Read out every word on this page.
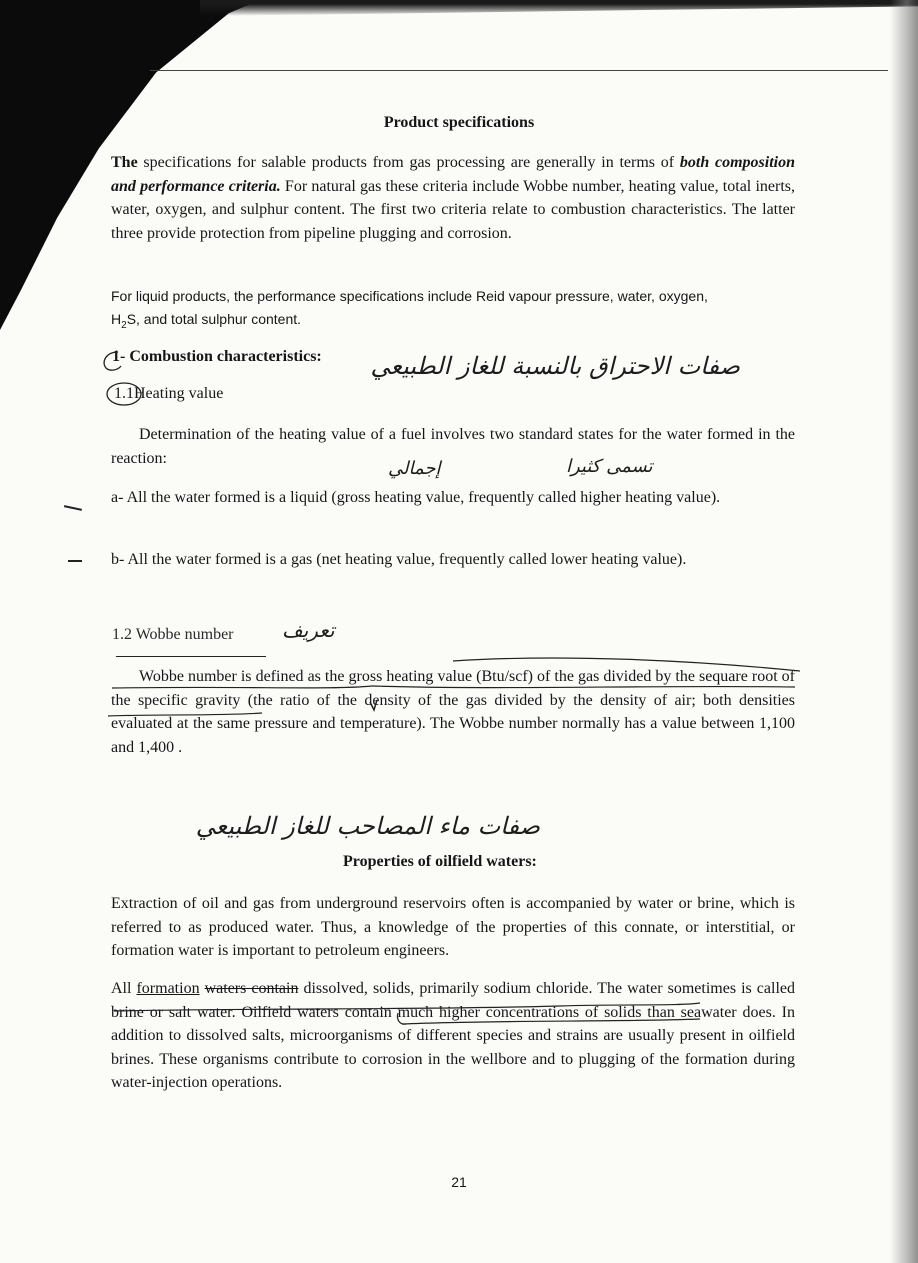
Product specifications
The specifications for salable products from gas processing are generally in terms of both composition and performance criteria. For natural gas these criteria include Wobbe number, heating value, total inerts, water, oxygen, and sulphur content. The first two criteria relate to combustion characteristics. The latter three provide protection from pipeline plugging and corrosion.
For liquid products, the performance specifications include Reid vapour pressure, water, oxygen,
$H_2S$, and total sulphur content.
1- Combustion characteristics:	صفات الاحتراق بالنسبة للغاز الطبيعي
1.1Heating value
Determination of the heating value of a fuel involves two standard states for the water formed in the reaction:	إجمالي	تسمى كثيرا
a- All the water formed is a liquid (gross heating value, frequently called higher heating value).
b- All the water formed is a gas (net heating value, frequently called lower heating value).
1.2 Wobbe number تعريف
Wobbe number is defined as the gross heating value (Btu/scf) of the gas divided by the sequare root of the specific gravity (the ratio of the density of the gas divided by the density of air; both densities evaluated at the same pressure and temperature). The Wobbe number normally has a value between 1,100 and 1,400 .
صفات ماء المصاحب للغاز الطبيعي
Properties of oilfield waters:
Extraction of oil and gas from underground reservoirs often is accompanied by water or brine, which is referred to as produced water. Thus, a knowledge of the properties of this connate, or interstitial, or formation water is important to petroleum engineers.
All formation waters contain dissolved, solids, primarily sodium chloride. The water sometimes is called brine or salt water. Oilfield waters contain much higher concentrations of solids than seawater does. In addition to dissolved salts, microorganisms of different species and strains are usually present in oilfield brines. These organisms contribute to corrosion in the wellbore and to plugging of the formation during water-injection operations.
21
